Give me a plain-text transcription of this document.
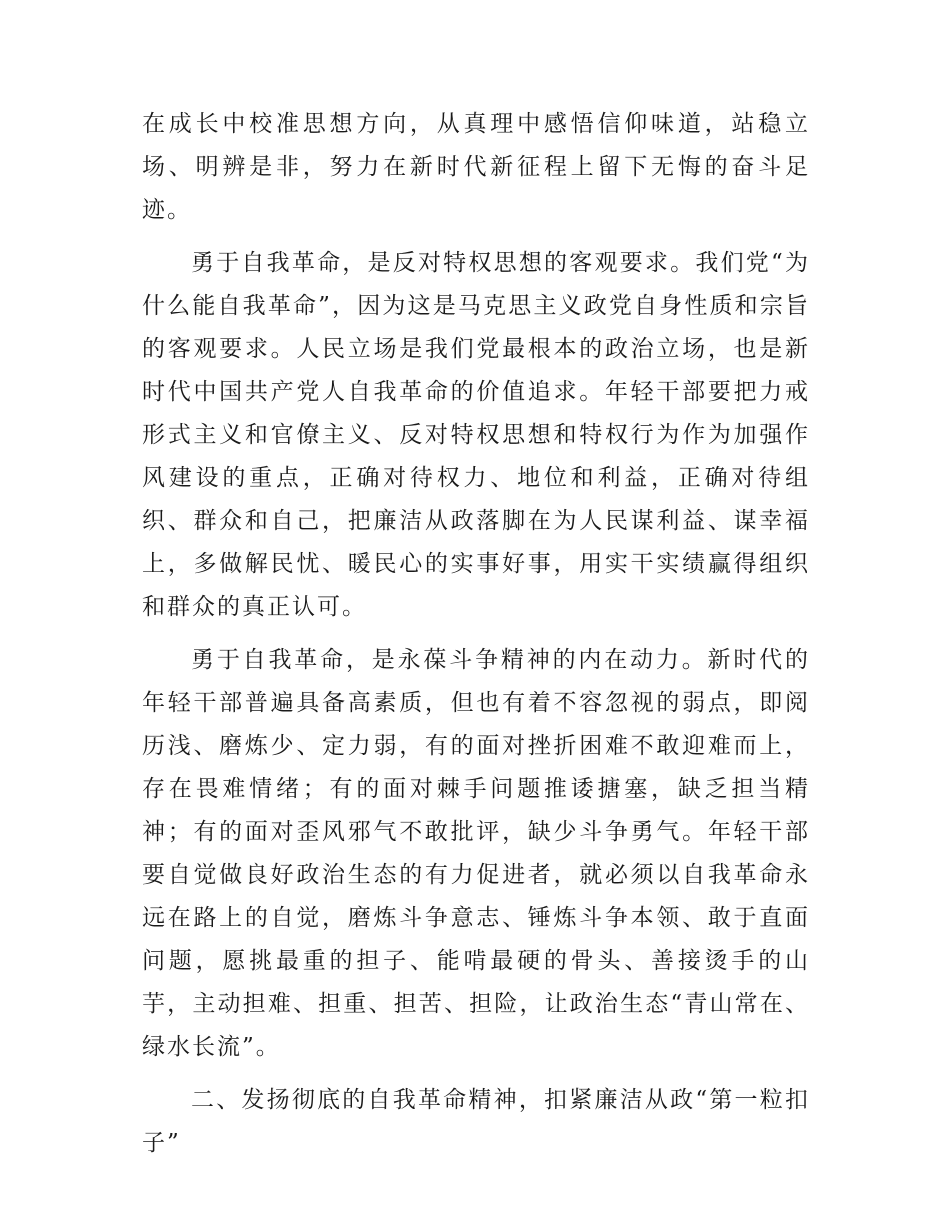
在成长中校准思想方向，从真理中感悟信仰味道，站稳立场、明辨是非，努力在新时代新征程上留下无悔的奋斗足迹。

勇于自我革命，是反对特权思想的客观要求。我们党“为什么能自我革命”，因为这是马克思主义政党自身性质和宗旨的客观要求。人民立场是我们党最根本的政治立场，也是新时代中国共产党人自我革命的价值追求。年轻干部要把力戒形式主义和官僚主义、反对特权思想和特权行为作为加强作风建设的重点，正确对待权力、地位和利益，正确对待组织、群众和自己，把廉洁从政落脚在为人民谋利益、谋幸福上，多做解民忧、暖民心的实事好事，用实干实绩赢得组织和群众的真正认可。

勇于自我革命，是永葆斗争精神的内在动力。新时代的年轻干部普遍具备高素质，但也有着不容忽视的弱点，即阅历浅、磨炼少、定力弱，有的面对挫折困难不敢迎难而上，存在畏难情绪；有的面对棘手问题推诿搪塞，缺乏担当精神；有的面对歪风邪气不敢批评，缺少斗争勇气。年轻干部要自觉做良好政治生态的有力促进者，就必须以自我革命永远在路上的自觉，磨炼斗争意志、锤炼斗争本领、敢于直面问题，愿挑最重的担子、能啃最硬的骨头、善接烫手的山芋，主动担难、担重、担苦、担险，让政治生态“青山常在、绿水长流”。

二、发扬彻底的自我革命精神，扣紧廉洁从政“第一粒扣子”
